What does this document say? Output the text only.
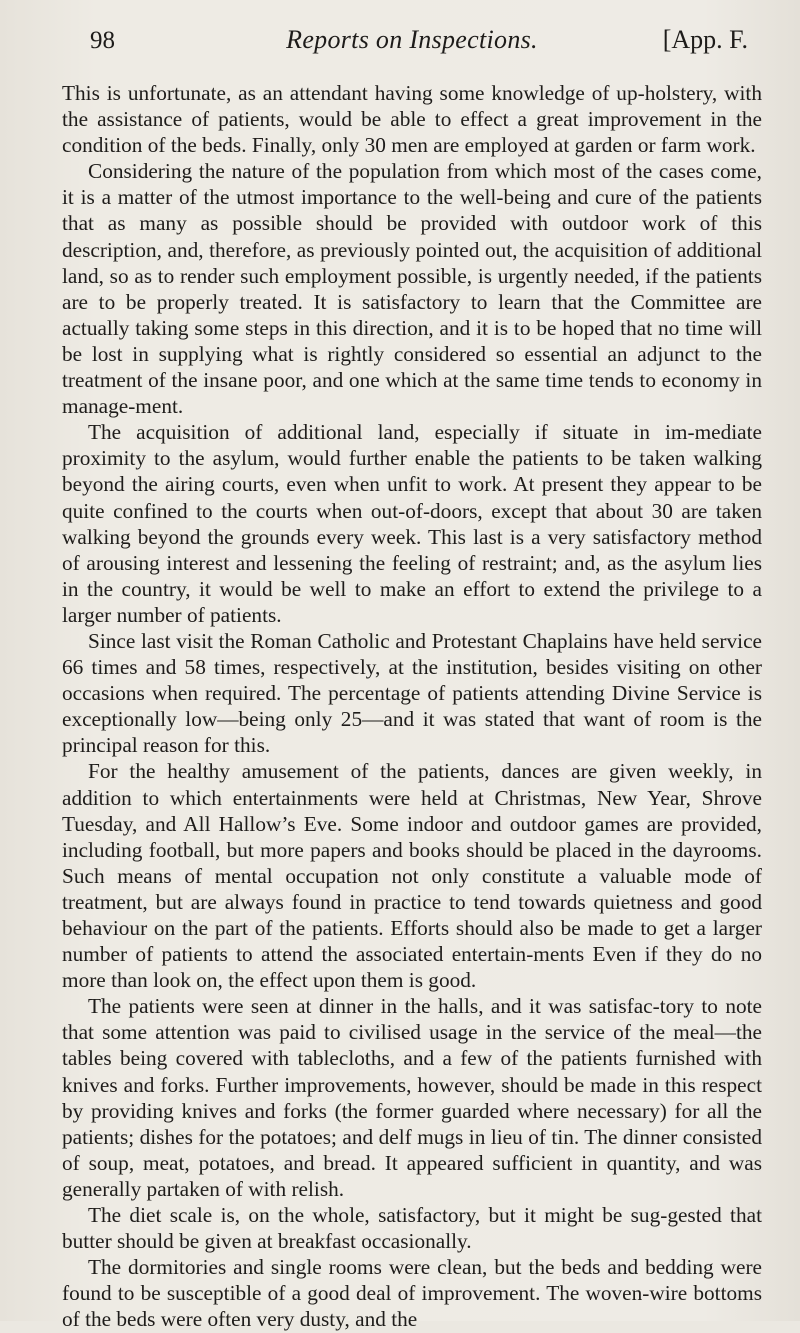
98	Reports on Inspections.	[App. F.

This is unfortunate, as an attendant having some knowledge of up-holstery, with the assistance of patients, would be able to effect a great improvement in the condition of the beds. Finally, only 30 men are employed at garden or farm work.

Considering the nature of the population from which most of the cases come, it is a matter of the utmost importance to the well-being and cure of the patients that as many as possible should be provided with outdoor work of this description, and, therefore, as previously pointed out, the acquisition of additional land, so as to render such employment possible, is urgently needed, if the patients are to be properly treated. It is satisfactory to learn that the Committee are actually taking some steps in this direction, and it is to be hoped that no time will be lost in supplying what is rightly considered so essential an adjunct to the treatment of the insane poor, and one which at the same time tends to economy in manage-ment.

The acquisition of additional land, especially if situate in im-mediate proximity to the asylum, would further enable the patients to be taken walking beyond the airing courts, even when unfit to work. At present they appear to be quite confined to the courts when out-of-doors, except that about 30 are taken walking beyond the grounds every week. This last is a very satisfactory method of arousing interest and lessening the feeling of restraint; and, as the asylum lies in the country, it would be well to make an effort to extend the privilege to a larger number of patients.

Since last visit the Roman Catholic and Protestant Chaplains have held service 66 times and 58 times, respectively, at the institution, besides visiting on other occasions when required. The percentage of patients attending Divine Service is exceptionally low—being only 25—and it was stated that want of room is the principal reason for this.

For the healthy amusement of the patients, dances are given weekly, in addition to which entertainments were held at Christmas, New Year, Shrove Tuesday, and All Hallow’s Eve. Some indoor and outdoor games are provided, including football, but more papers and books should be placed in the dayrooms. Such means of mental occupation not only constitute a valuable mode of treatment, but are always found in practice to tend towards quietness and good behaviour on the part of the patients. Efforts should also be made to get a larger number of patients to attend the associated entertain-ments Even if they do no more than look on, the effect upon them is good.

The patients were seen at dinner in the halls, and it was satisfac-tory to note that some attention was paid to civilised usage in the service of the meal—the tables being covered with tablecloths, and a few of the patients furnished with knives and forks. Further improvements, however, should be made in this respect by providing knives and forks (the former guarded where necessary) for all the patients; dishes for the potatoes; and delf mugs in lieu of tin. The dinner consisted of soup, meat, potatoes, and bread. It appeared sufficient in quantity, and was generally partaken of with relish.

The diet scale is, on the whole, satisfactory, but it might be sug-gested that butter should be given at breakfast occasionally.

The dormitories and single rooms were clean, but the beds and bedding were found to be susceptible of a good deal of improvement. The woven-wire bottoms of the beds were often very dusty, and the
